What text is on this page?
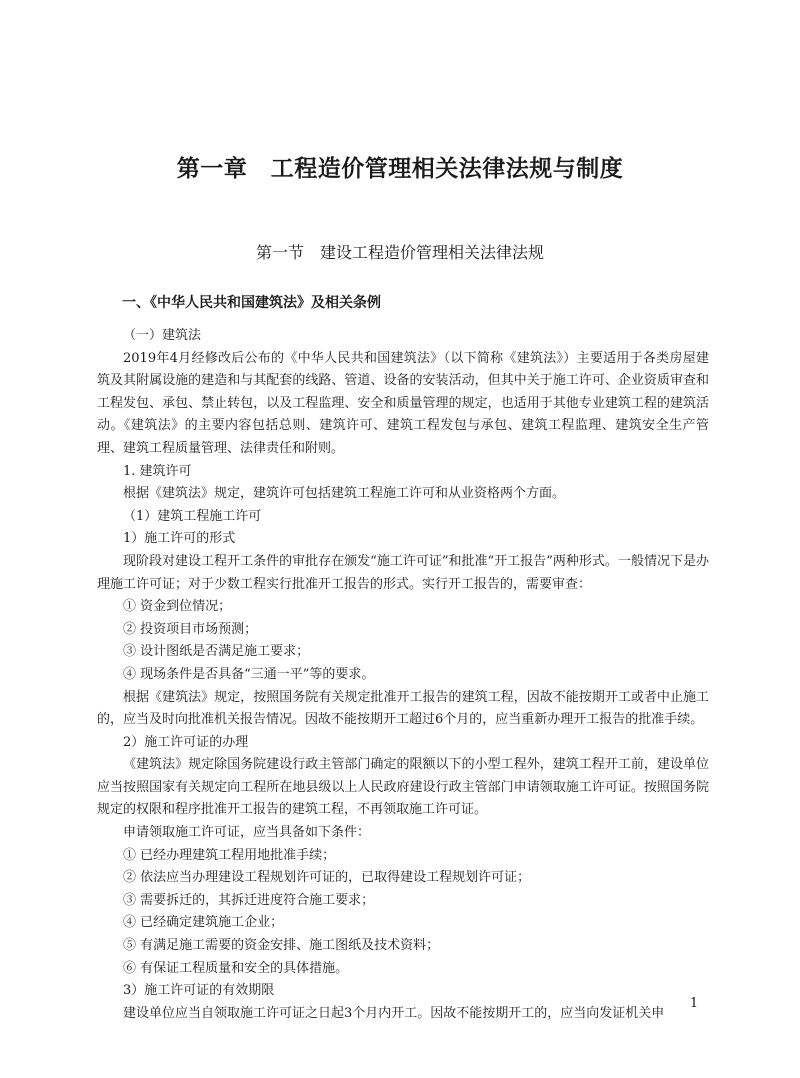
第一章　工程造价管理相关法律法规与制度
第一节　建设工程造价管理相关法律法规
一、《中华人民共和国建筑法》及相关条例

（一）建筑法

2019年4月经修改后公布的《中华人民共和国建筑法》（以下简称《建筑法》）主要适用于各类房屋建筑及其附属设施的建造和与其配套的线路、管道、设备的安装活动，但其中关于施工许可、企业资质审查和工程发包、承包、禁止转包，以及工程监理、安全和质量管理的规定，也适用于其他专业建筑工程的建筑活动。《建筑法》的主要内容包括总则、建筑许可、建筑工程发包与承包、建筑工程监理、建筑安全生产管理、建筑工程质量管理、法律责任和附则。

1. 建筑许可

根据《建筑法》规定，建筑许可包括建筑工程施工许可和从业资格两个方面。

（1）建筑工程施工许可

1）施工许可的形式

现阶段对建设工程开工条件的审批存在颁发“施工许可证”和批准“开工报告”两种形式。一般情况下是办理施工许可证；对于少数工程实行批准开工报告的形式。实行开工报告的，需要审查：

① 资金到位情况；

② 投资项目市场预测；

③ 设计图纸是否满足施工要求；

④ 现场条件是否具备“三通一平”等的要求。

根据《建筑法》规定，按照国务院有关规定批准开工报告的建筑工程，因故不能按期开工或者中止施工的，应当及时向批准机关报告情况。因故不能按期开工超过6个月的，应当重新办理开工报告的批准手续。

2）施工许可证的办理

《建筑法》规定除国务院建设行政主管部门确定的限额以下的小型工程外，建筑工程开工前，建设单位应当按照国家有关规定向工程所在地县级以上人民政府建设行政主管部门申请领取施工许可证。按照国务院规定的权限和程序批准开工报告的建筑工程，不再领取施工许可证。

申请领取施工许可证，应当具备如下条件：

① 已经办理建筑工程用地批准手续；

② 依法应当办理建设工程规划许可证的，已取得建设工程规划许可证；

③ 需要拆迁的，其拆迁进度符合施工要求；

④ 已经确定建筑施工企业；

⑤ 有满足施工需要的资金安排、施工图纸及技术资料；

⑥ 有保证工程质量和安全的具体措施。

3）施工许可证的有效期限

建设单位应当自领取施工许可证之日起3个月内开工。因故不能按期开工的，应当向发证机关申

1
